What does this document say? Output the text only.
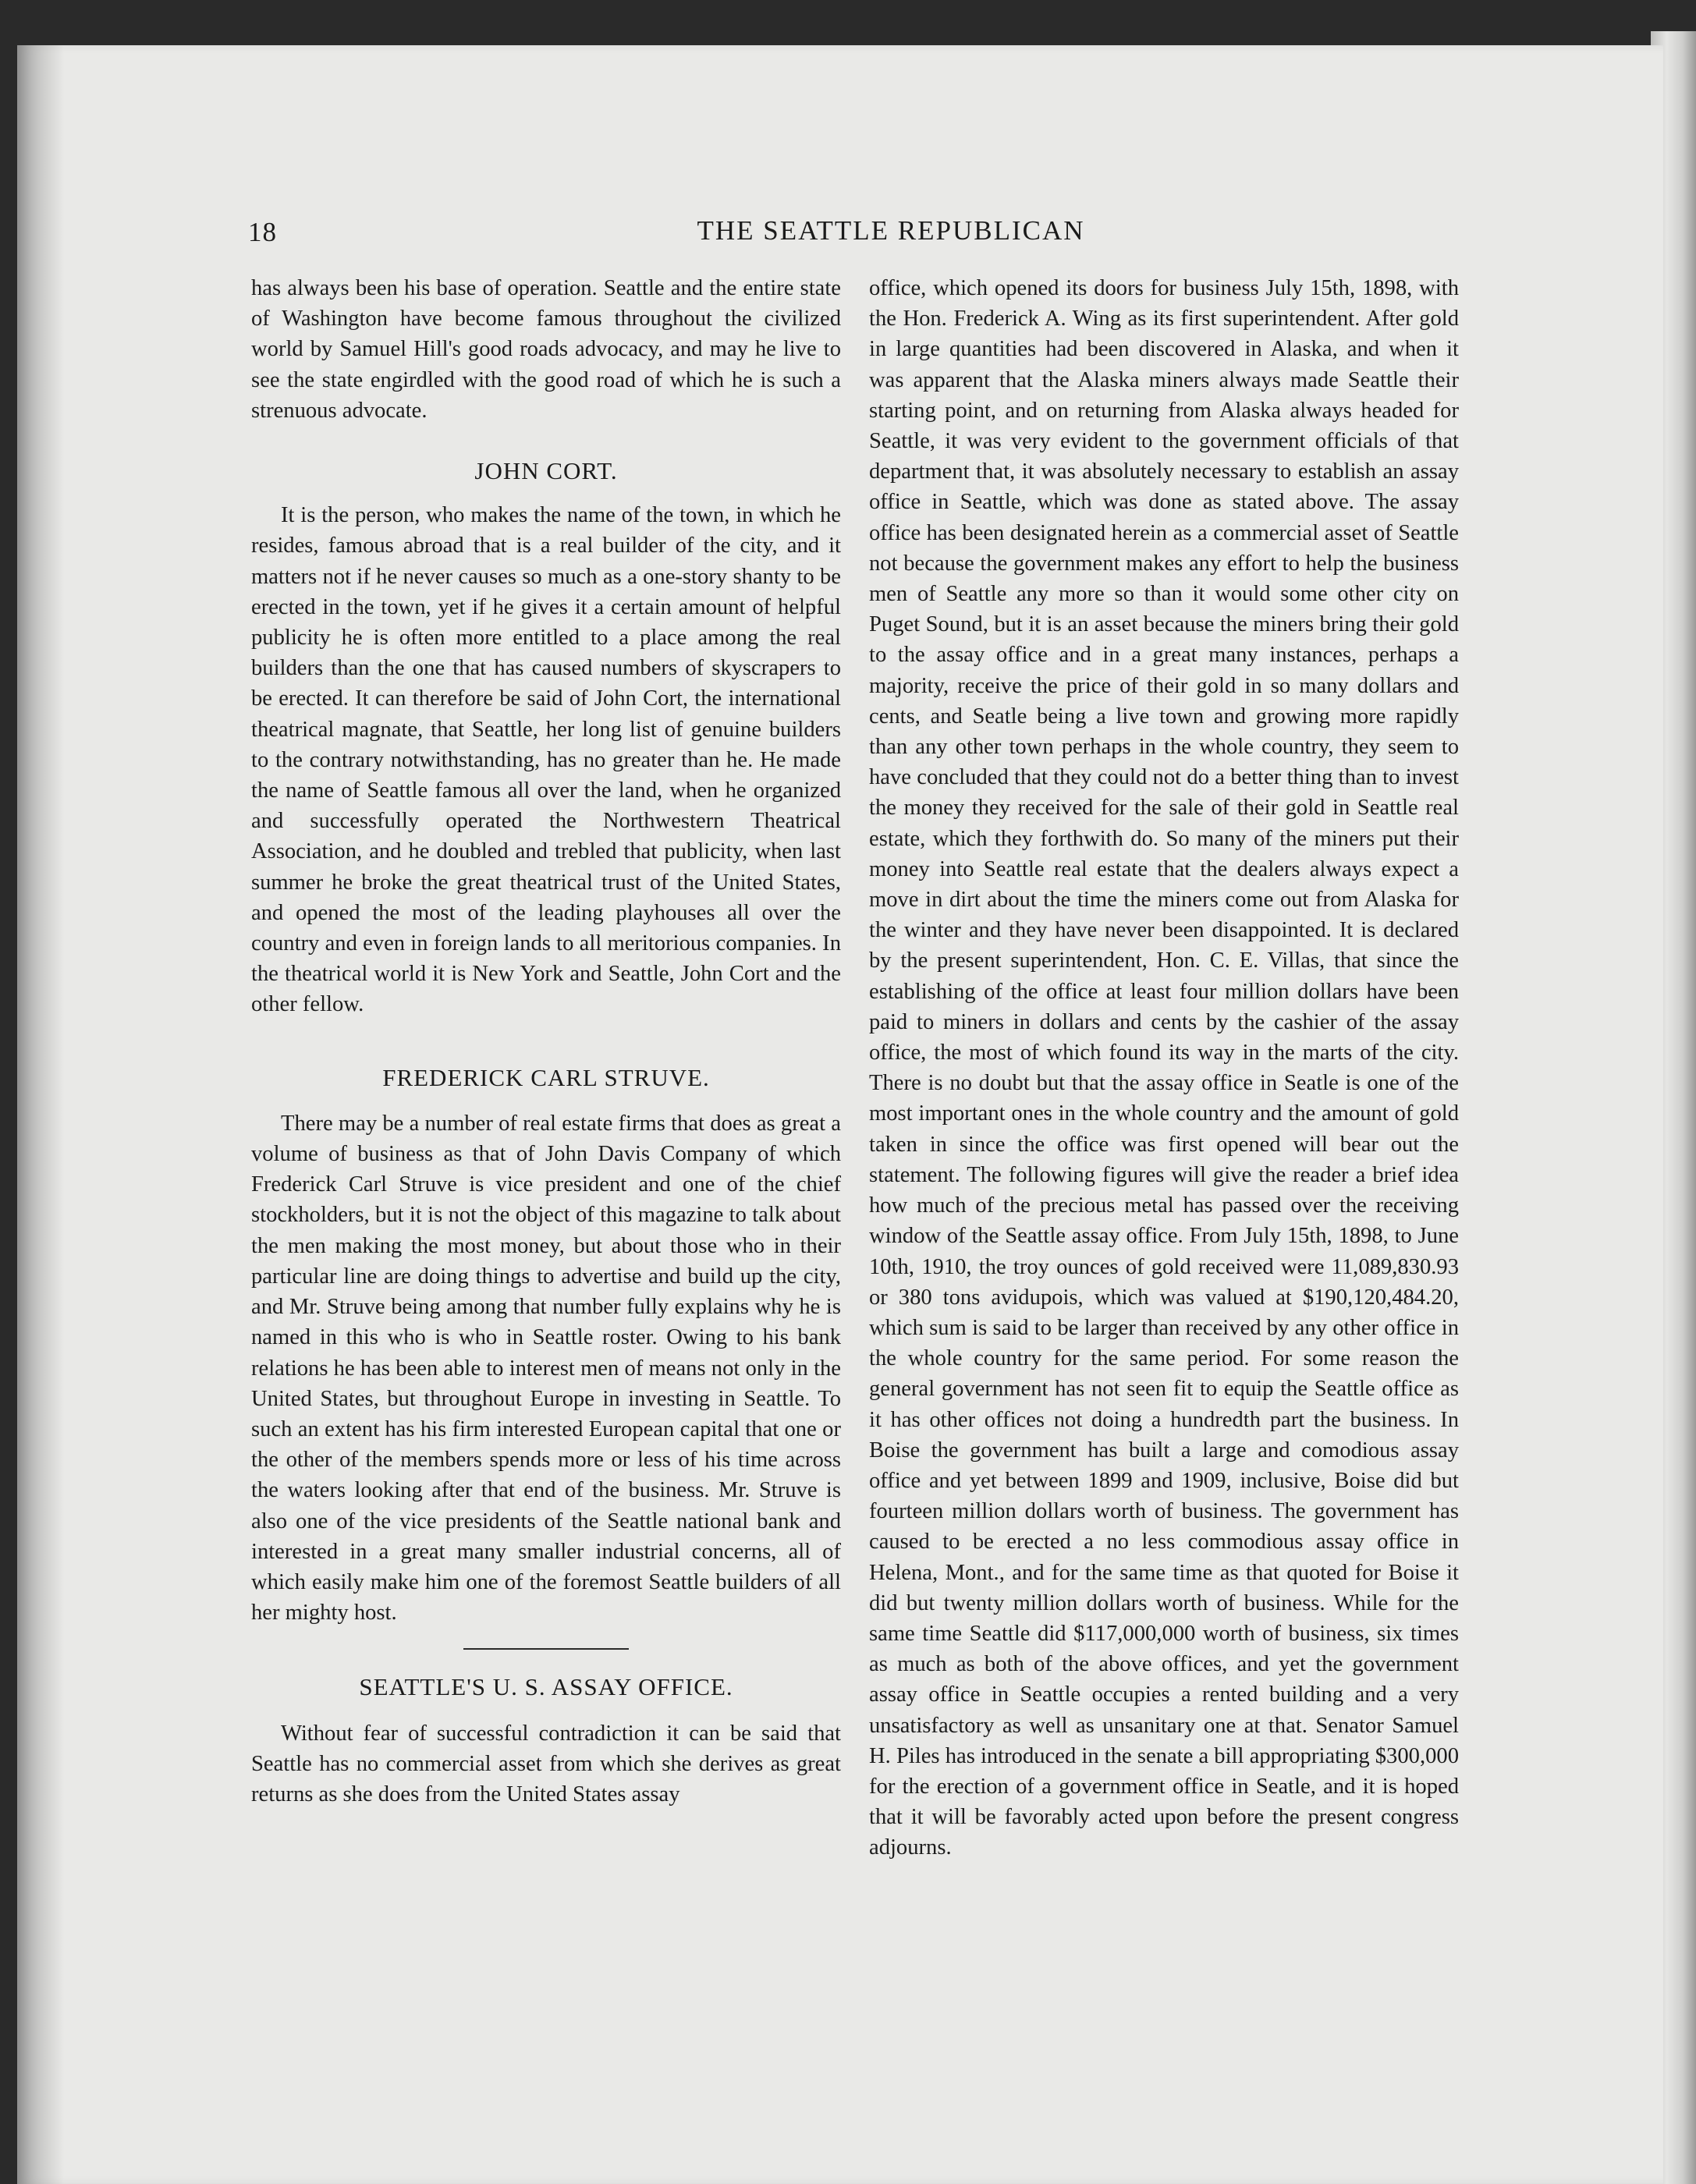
18	THE SEATTLE REPUBLICAN

has always been his base of operation. Seattle and the entire state of Washington have become famous throughout the civilized world by Samuel Hill's good roads advocacy, and may he live to see the state engirdled with the good road of which he is such a strenuous advocate.

JOHN CORT.

It is the person, who makes the name of the town, in which he resides, famous abroad that is a real builder of the city, and it matters not if he never causes so much as a one-story shanty to be erected in the town, yet if he gives it a certain amount of helpful publicity he is often more entitled to a place among the real builders than the one that has caused numbers of skyscrapers to be erected. It can therefore be said of John Cort, the international theatrical magnate, that Seattle, her long list of genuine builders to the contrary notwithstanding, has no greater than he. He made the name of Seattle famous all over the land, when he organized and successfully operated the Northwestern Theatrical Association, and he doubled and trebled that publicity, when last summer he broke the great theatrical trust of the United States, and opened the most of the leading playhouses all over the country and even in foreign lands to all meritorious companies. In the theatrical world it is New York and Seattle, John Cort and the other fellow.

FREDERICK CARL STRUVE.

There may be a number of real estate firms that does as great a volume of business as that of John Davis Company of which Frederick Carl Struve is vice president and one of the chief stockholders, but it is not the object of this magazine to talk about the men making the most money, but about those who in their particular line are doing things to advertise and build up the city, and Mr. Struve being among that number fully explains why he is named in this who is who in Seattle roster. Owing to his bank relations he has been able to interest men of means not only in the United States, but throughout Europe in investing in Seattle. To such an extent has his firm interested European capital that one or the other of the members spends more or less of his time across the waters looking after that end of the business. Mr. Struve is also one of the vice presidents of the Seattle national bank and interested in a great many smaller industrial concerns, all of which easily make him one of the foremost Seattle builders of all her mighty host.

SEATTLE'S U. S. ASSAY OFFICE.

Without fear of successful contradiction it can be said that Seattle has no commercial asset from which she derives as great returns as she does from the United States assay

office, which opened its doors for business July 15th, 1898, with the Hon. Frederick A. Wing as its first superintendent. After gold in large quantities had been discovered in Alaska, and when it was apparent that the Alaska miners always made Seattle their starting point, and on returning from Alaska always headed for Seattle, it was very evident to the government officials of that department that, it was absolutely necessary to establish an assay office in Seattle, which was done as stated above. The assay office has been designated herein as a commercial asset of Seattle not because the government makes any effort to help the business men of Seattle any more so than it would some other city on Puget Sound, but it is an asset because the miners bring their gold to the assay office and in a great many instances, perhaps a majority, receive the price of their gold in so many dollars and cents, and Seatle being a live town and growing more rapidly than any other town perhaps in the whole country, they seem to have concluded that they could not do a better thing than to invest the money they received for the sale of their gold in Seattle real estate, which they forthwith do. So many of the miners put their money into Seattle real estate that the dealers always expect a move in dirt about the time the miners come out from Alaska for the winter and they have never been disappointed. It is declared by the present superintendent, Hon. C. E. Villas, that since the establishing of the office at least four million dollars have been paid to miners in dollars and cents by the cashier of the assay office, the most of which found its way in the marts of the city. There is no doubt but that the assay office in Seatle is one of the most important ones in the whole country and the amount of gold taken in since the office was first opened will bear out the statement. The following figures will give the reader a brief idea how much of the precious metal has passed over the receiving window of the Seattle assay office. From July 15th, 1898, to June 10th, 1910, the troy ounces of gold received were 11,089,830.93 or 380 tons avidupois, which was valued at $190,120,484.20, which sum is said to be larger than received by any other office in the whole country for the same period. For some reason the general government has not seen fit to equip the Seattle office as it has other offices not doing a hundredth part the business. In Boise the government has built a large and comodious assay office and yet between 1899 and 1909, inclusive, Boise did but fourteen million dollars worth of business. The government has caused to be erected a no less commodious assay office in Helena, Mont., and for the same time as that quoted for Boise it did but twenty million dollars worth of business. While for the same time Seattle did $117,000,000 worth of business, six times as much as both of the above offices, and yet the government assay office in Seattle occupies a rented building and a very unsatisfactory as well as unsanitary one at that. Senator Samuel H. Piles has introduced in the senate a bill appropriating $300,000 for the erection of a government office in Seatle, and it is hoped that it will be favorably acted upon before the present congress adjourns.
